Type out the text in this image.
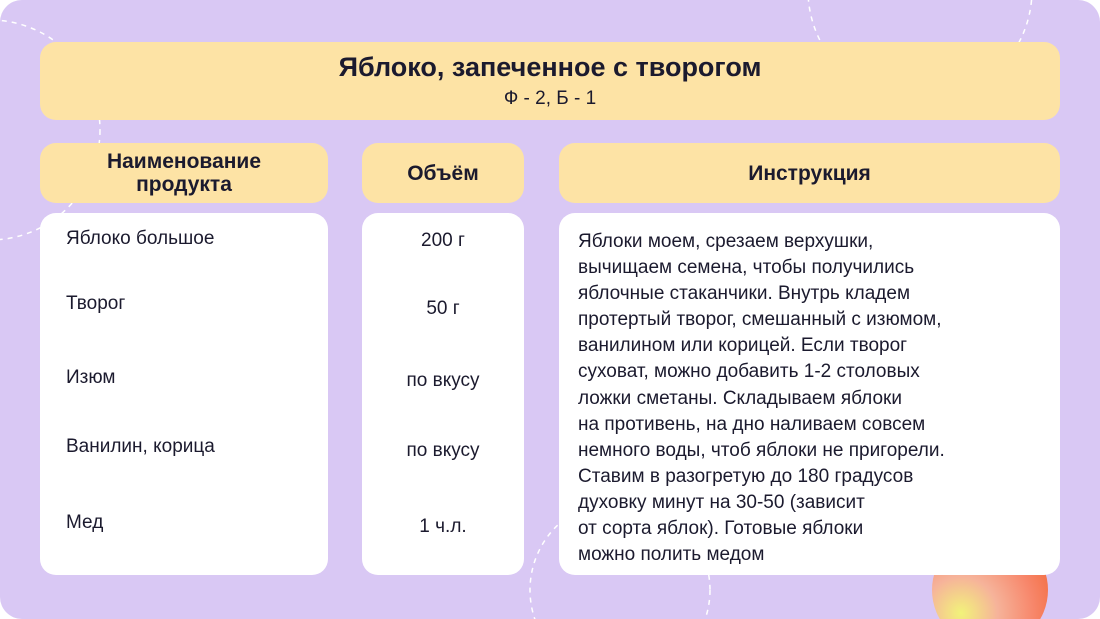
Яблоко, запеченное с творогом
Ф - 2, Б - 1
Наименование
продукта	Объём	Инструкция
Яблоко большое
Творог
Изюм
Ванилин, корица
Мед
200 г
50 г
по вкусу
по вкусу
1 ч.л.
Яблоки моем, срезаем верхушки,
вычищаем семена, чтобы получились
яблочные стаканчики. Внутрь кладем
протертый творог, смешанный с изюмом,
ванилином или корицей. Если творог
суховат, можно добавить 1-2 столовых
ложки сметаны. Складываем яблоки
на противень, на дно наливаем совсем
немного воды, чтоб яблоки не пригорели.
Ставим в разогретую до 180 градусов
духовку минут на 30-50 (зависит
от сорта яблок). Готовые яблоки
можно полить медом
